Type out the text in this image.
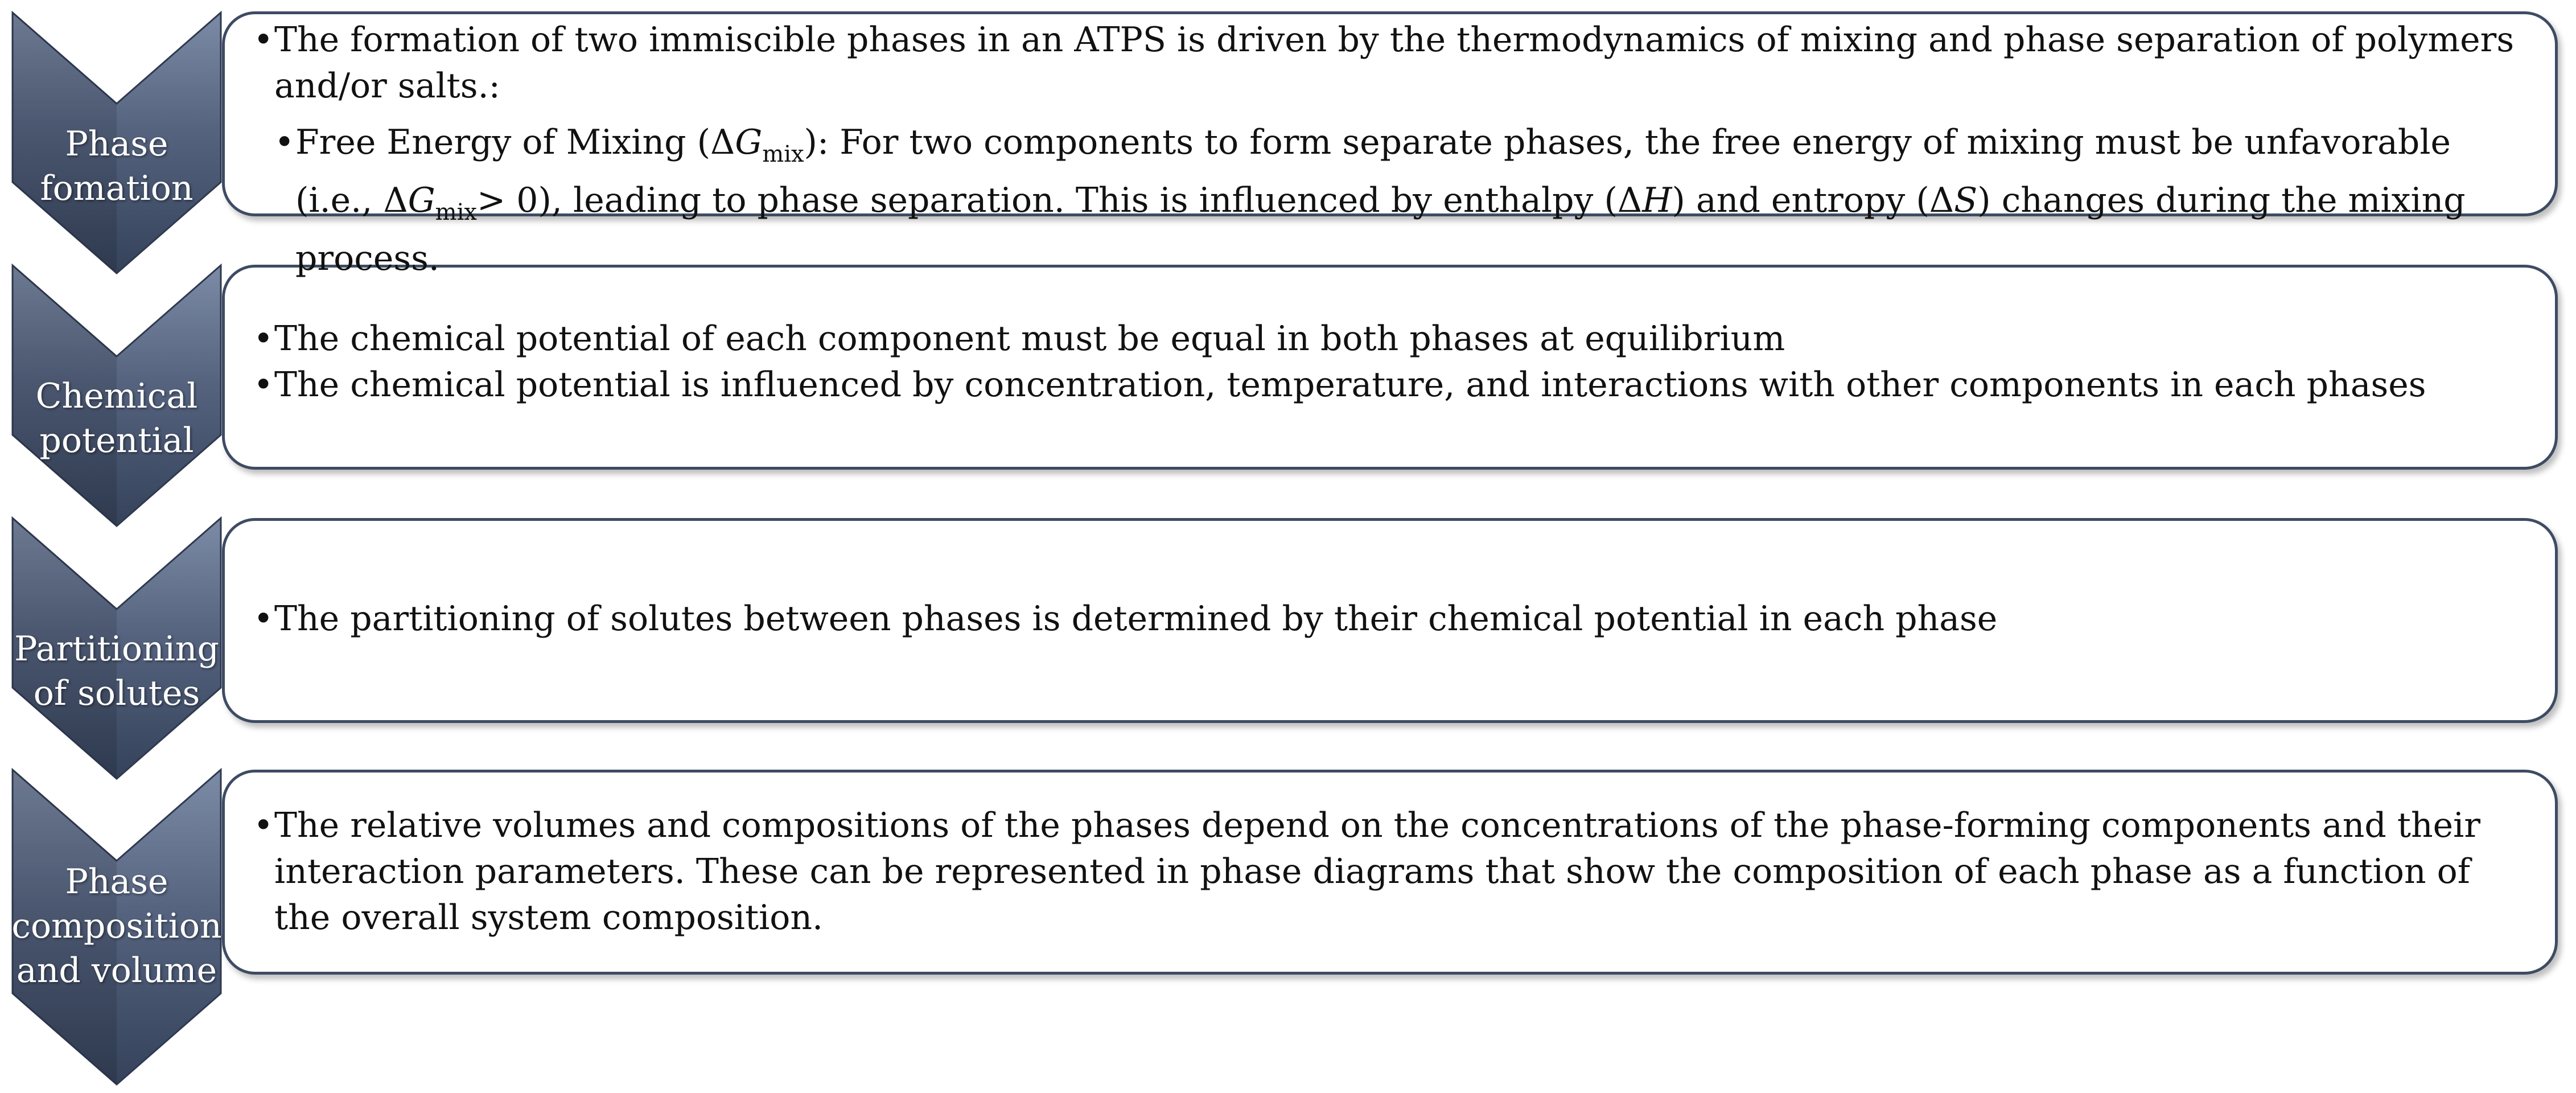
Phase
fomation
Chemical
potential
Partitioning
of solutes
Phase
composition
and volume

• The formation of two immiscible phases in an ATPS is driven by the thermodynamics of mixing and phase separation of polymers and/or salts.:

• Free Energy of Mixing $(\Delta G_{mix})$: For two components to form separate phases, the free energy of mixing must be unfavorable (i.e., $\Delta G_{mix}> 0$), leading to phase separation. This is influenced by enthalpy (ΔH) and entropy (ΔS) changes during the mixing process.

• The chemical potential of each component must be equal in both phases at equilibrium

• The chemical potential is influenced by concentration, temperature, and interactions with other components in each phases

• The partitioning of solutes between phases is determined by their chemical potential in each phase

• The relative volumes and compositions of the phases depend on the concentrations of the phase-forming components and their interaction parameters. These can be represented in phase diagrams that show the composition of each phase as a function of the overall system composition.
